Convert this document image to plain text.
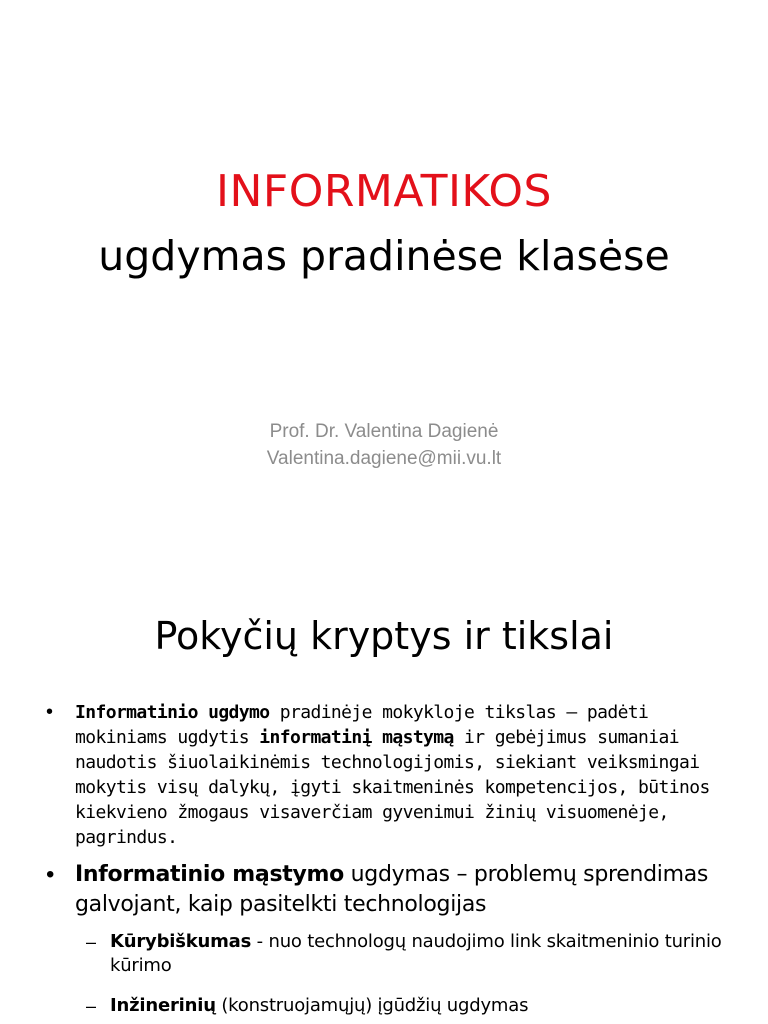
INFORMATIKOS
ugdymas pradinėse klasėse
Prof. Dr. Valentina Dagienė
Valentina.dagiene@mii.vu.lt
Pokyčių kryptys ir tikslai
• Informatinio ugdymo pradinėje mokykloje tikslas – padėti mokiniams ugdytis informatinį mąstymą ir gebėjimus sumaniai naudotis šiuolaikinėmis technologijomis, siekiant veiksmingai mokytis visų dalykų, įgyti skaitmeninės kompetencijos, būtinos kiekvieno žmogaus visaverčiam gyvenimui žinių visuomenėje, pagrindus.
• Informatinio mąstymo ugdymas – problemų sprendimas galvojant, kaip pasitelkti technologijas
– Kūrybiškumas - nuo technologų naudojimo link skaitmeninio turinio kūrimo
– Inžinerinių (konstruojamųjų) įgūdžių ugdymas
